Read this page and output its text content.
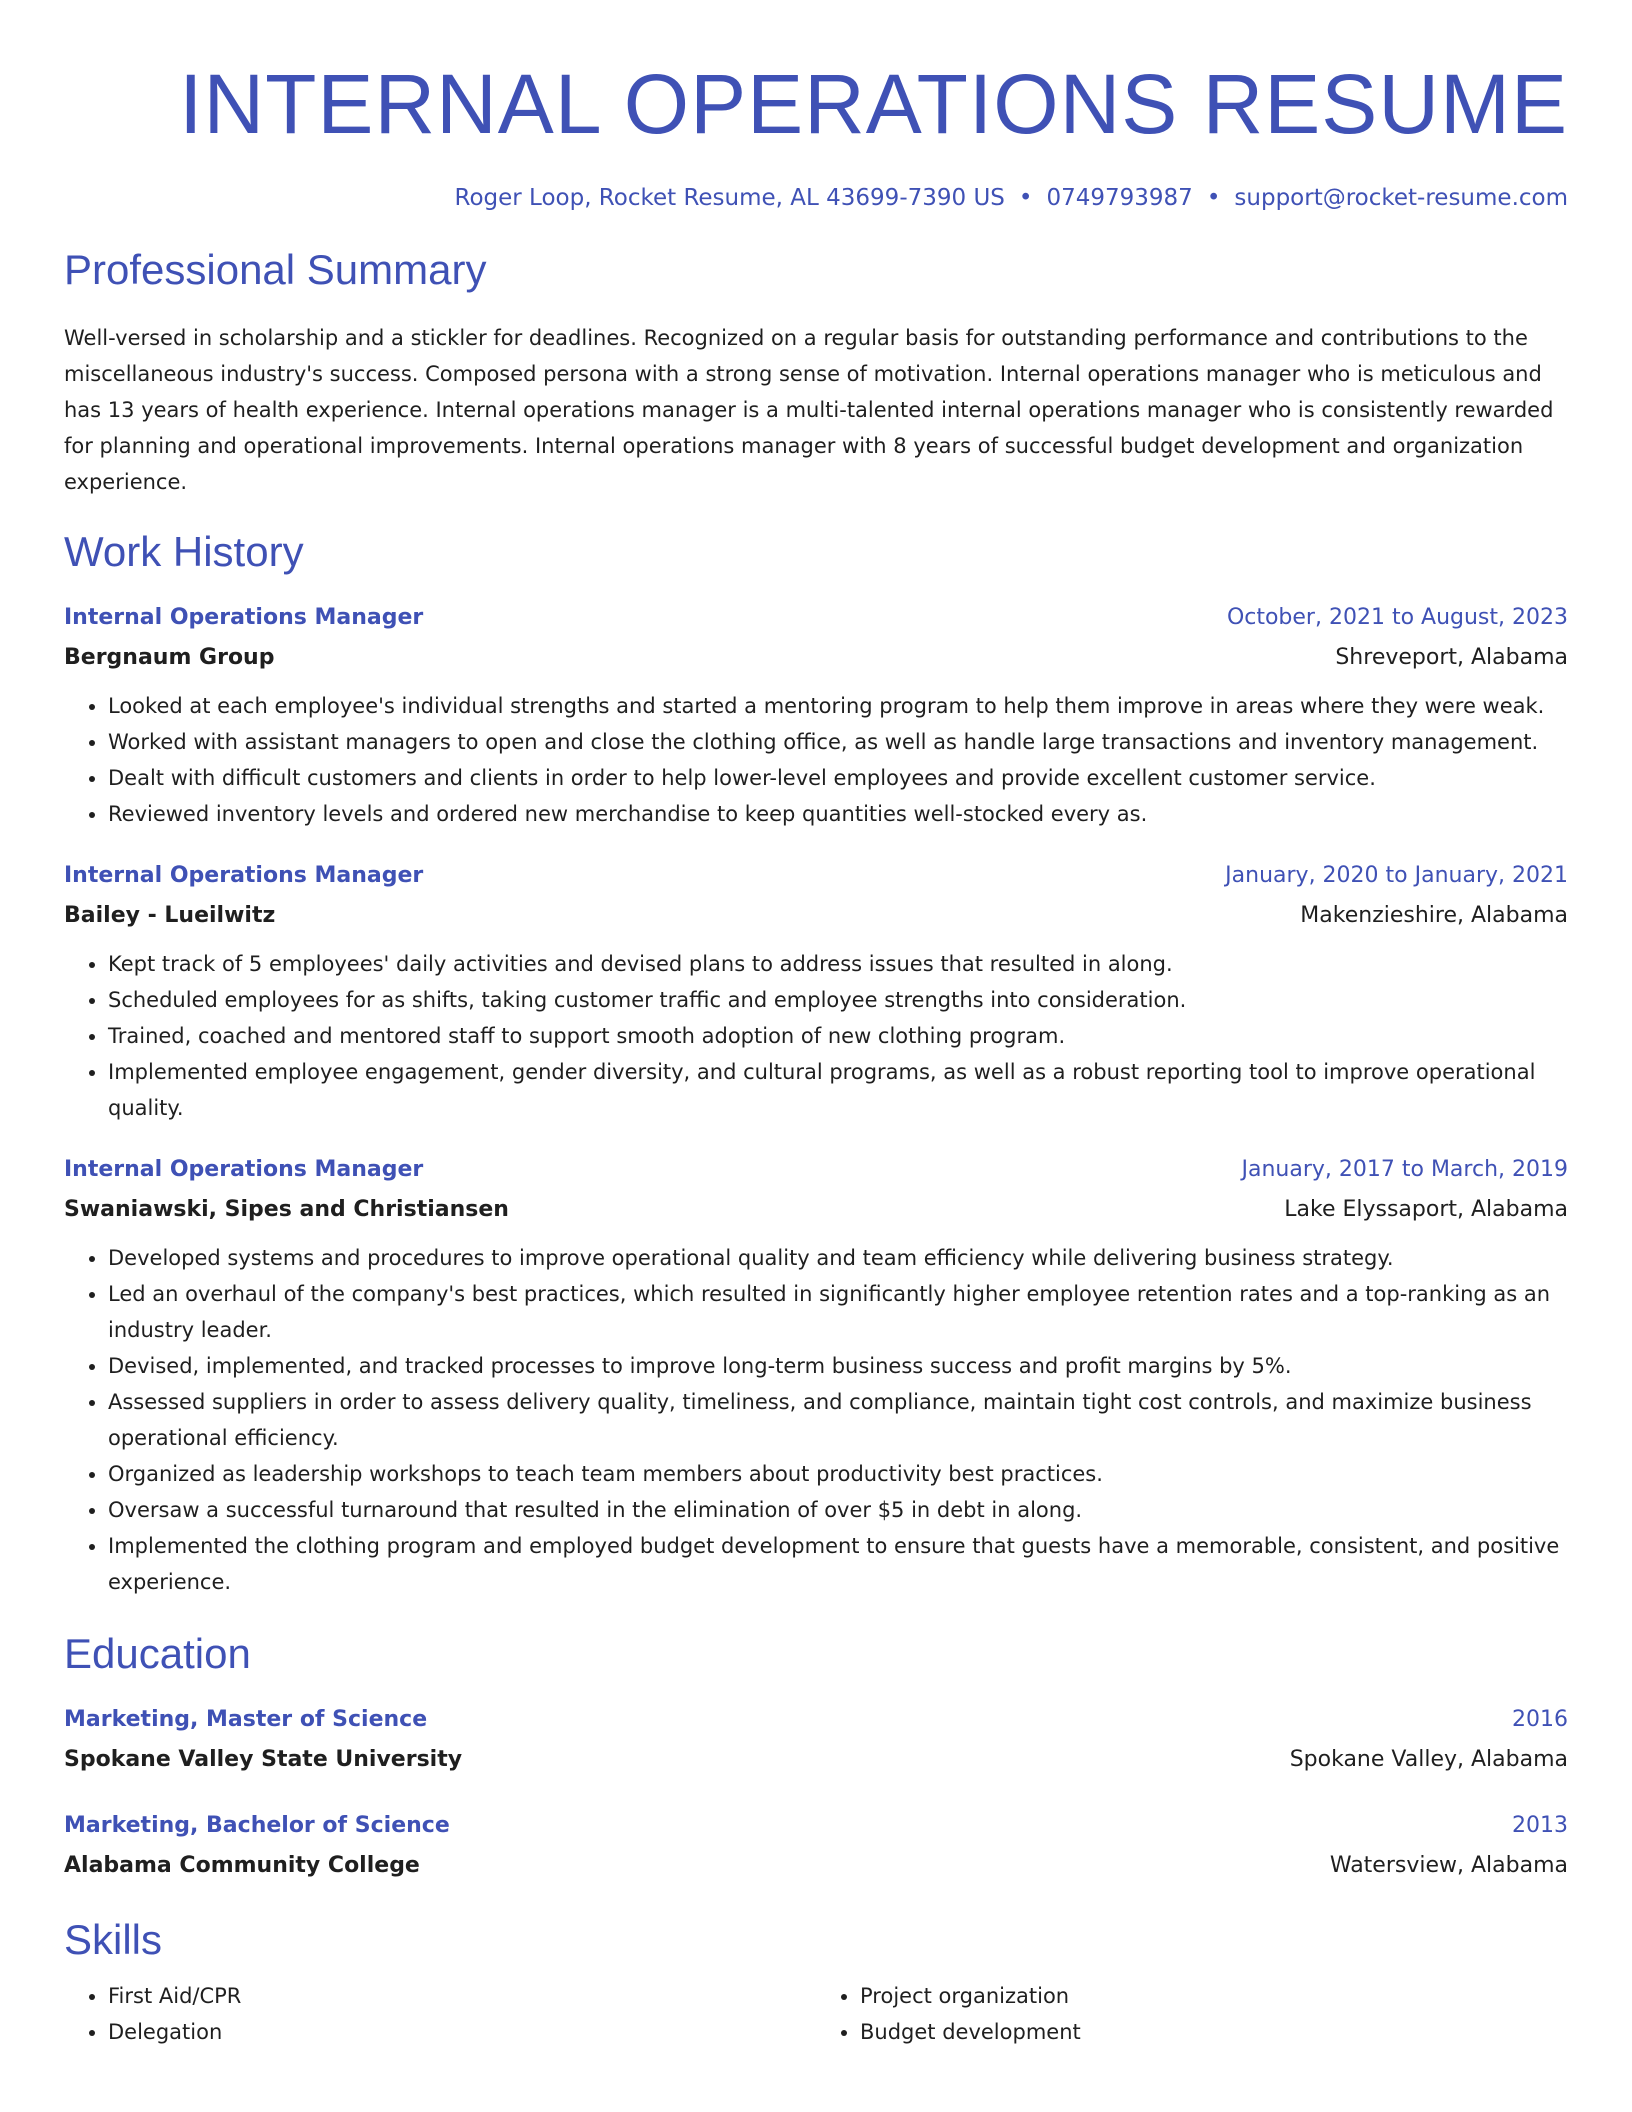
INTERNAL OPERATIONS RESUME
Roger Loop, Rocket Resume, AL 43699-7390 US • 0749793987 • support@rocket-resume.com
Professional Summary

Well-versed in scholarship and a stickler for deadlines. Recognized on a regular basis for outstanding performance and contributions to the miscellaneous industry's success. Composed persona with a strong sense of motivation. Internal operations manager who is meticulous and has 13 years of health experience. Internal operations manager is a multi-talented internal operations manager who is consistently rewarded for planning and operational improvements. Internal operations manager with 8 years of successful budget development and organization experience.

Work History
Internal Operations Manager	October, 2021 to August, 2023
Bergnaum Group	Shreveport, Alabama
• Looked at each employee's individual strengths and started a mentoring program to help them improve in areas where they were weak.
• Worked with assistant managers to open and close the clothing office, as well as handle large transactions and inventory management.
• Dealt with difficult customers and clients in order to help lower-level employees and provide excellent customer service.
• Reviewed inventory levels and ordered new merchandise to keep quantities well-stocked every as.
Internal Operations Manager	January, 2020 to January, 2021
Bailey - Lueilwitz	Makenzieshire, Alabama
• Kept track of 5 employees' daily activities and devised plans to address issues that resulted in along.
• Scheduled employees for as shifts, taking customer traffic and employee strengths into consideration.
• Trained, coached and mentored staff to support smooth adoption of new clothing program.
• Implemented employee engagement, gender diversity, and cultural programs, as well as a robust reporting tool to improve operational quality.
Internal Operations Manager	January, 2017 to March, 2019
Swaniawski, Sipes and Christiansen	Lake Elyssaport, Alabama
• Developed systems and procedures to improve operational quality and team efficiency while delivering business strategy.
• Led an overhaul of the company's best practices, which resulted in significantly higher employee retention rates and a top-ranking as an industry leader.
• Devised, implemented, and tracked processes to improve long-term business success and profit margins by 5%.
• Assessed suppliers in order to assess delivery quality, timeliness, and compliance, maintain tight cost controls, and maximize business operational efficiency.
• Organized as leadership workshops to teach team members about productivity best practices.
• Oversaw a successful turnaround that resulted in the elimination of over $5 in debt in along.
• Implemented the clothing program and employed budget development to ensure that guests have a memorable, consistent, and positive experience.
Education
Marketing, Master of Science	2016
Spokane Valley State University	Spokane Valley, Alabama
Marketing, Bachelor of Science	2013
Alabama Community College	Watersview, Alabama
Skills
• First Aid/CPR
• Delegation
• Project organization
• Budget development
